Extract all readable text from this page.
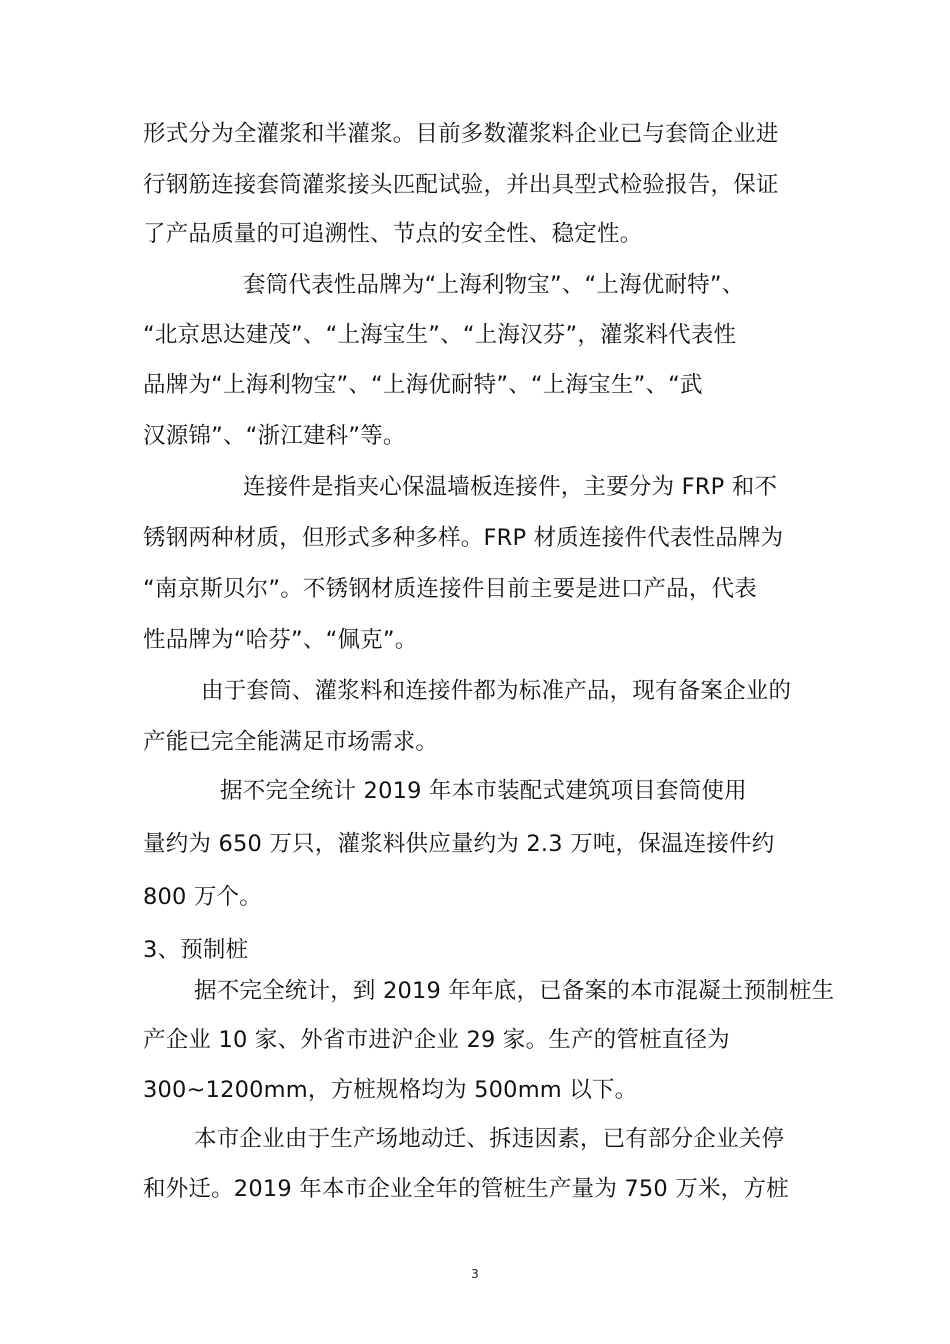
形式分为全灌浆和半灌浆。目前多数灌浆料企业已与套筒企业进
行钢筋连接套筒灌浆接头匹配试验，并出具型式检验报告，保证
了产品质量的可追溯性、节点的安全性、稳定性。
套筒代表性品牌为“上海利物宝”、“上海优耐特”、
“北京思达建茂”、“上海宝生”、“上海汉芬”，灌浆料代表性
品牌为“上海利物宝”、“上海优耐特”、“上海宝生”、“武
汉源锦”、“浙江建科”等。
连接件是指夹心保温墙板连接件，主要分为 FRP 和不
锈钢两种材质，但形式多种多样。FRP 材质连接件代表性品牌为
“南京斯贝尔”。不锈钢材质连接件目前主要是进口产品，代表
性品牌为“哈芬”、“佩克”。
由于套筒、灌浆料和连接件都为标准产品，现有备案企业的
产能已完全能满足市场需求。
据不完全统计 2019 年本市装配式建筑项目套筒使用
量约为 650 万只，灌浆料供应量约为 2.3 万吨，保温连接件约
800 万个。
3、预制桩
据不完全统计，到 2019 年年底，已备案的本市混凝土预制桩生
产企业 10 家、外省市进沪企业 29 家。生产的管桩直径为
300~1200mm，方桩规格均为 500mm 以下。
本市企业由于生产场地动迁、拆违因素，已有部分企业关停
和外迁。2019 年本市企业全年的管桩生产量为 750 万米，方桩
3
